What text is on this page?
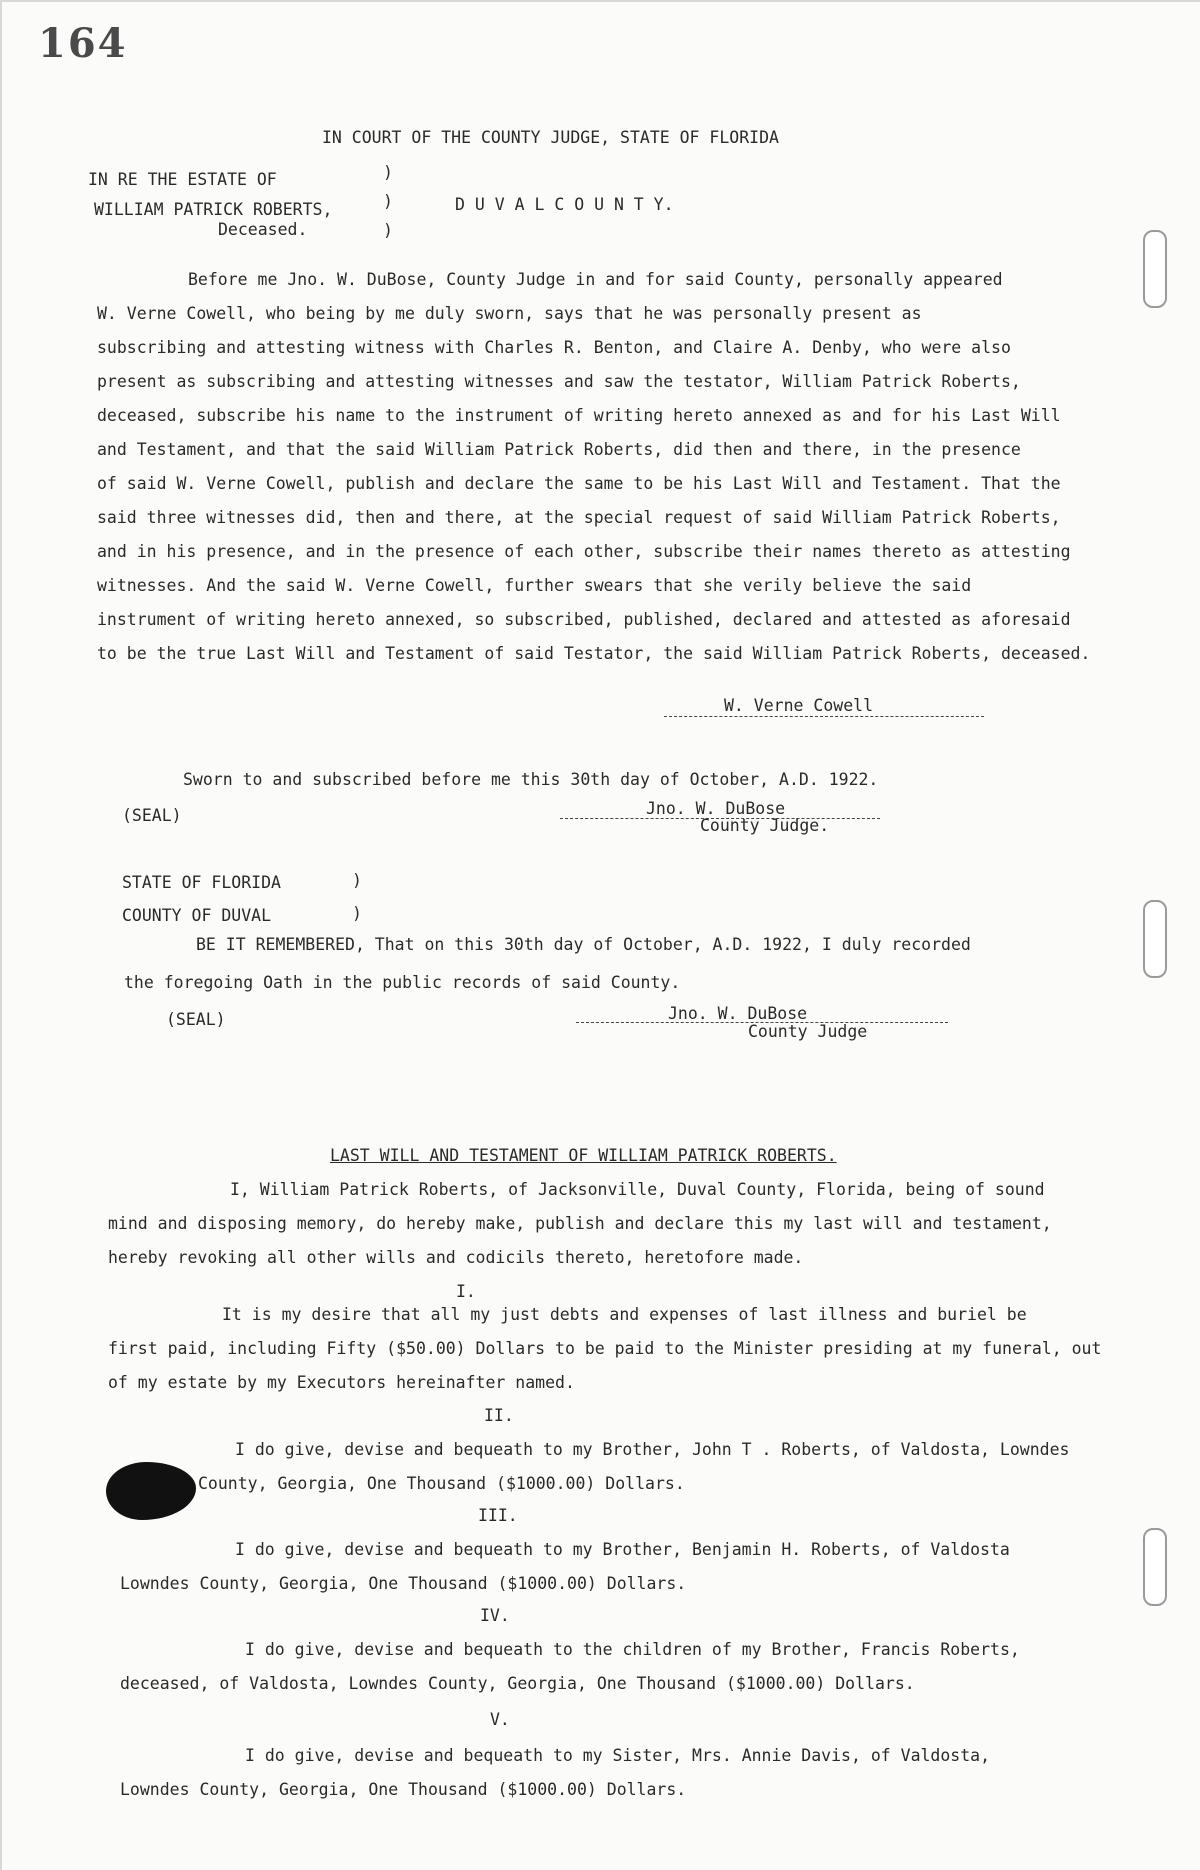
164
IN COURT OF THE COUNTY JUDGE, STATE OF FLORIDA
IN RE THE ESTATE OF
WILLIAM PATRICK ROBERTS,
Deceased.
)
)
)
D U V A L C O U N T Y.
Before me Jno. W. DuBose, County Judge in and for said County, personally appeared
W. Verne Cowell, who being by me duly sworn, says that he was personally present as
subscribing and attesting witness with Charles R. Benton, and Claire A. Denby, who were also
present as subscribing and attesting witnesses and saw the testator, William Patrick Roberts,
deceased, subscribe his name to the instrument of writing hereto annexed as and for his Last Will
and Testament, and that the said William Patrick Roberts, did then and there, in the presence
of said W. Verne Cowell, publish and declare the same to be his Last Will and Testament. That the
said three witnesses did, then and there, at the special request of said William Patrick Roberts,
and in his presence, and in the presence of each other, subscribe their names thereto as attesting
witnesses. And the said W. Verne Cowell, further swears that she verily believe the said
instrument of writing hereto annexed, so subscribed, published, declared and attested as aforesaid
to be the true Last Will and Testament of said Testator, the said William Patrick Roberts, deceased.
W. Verne Cowell
Sworn to and subscribed before me this 30th day of October, A.D. 1922.
(SEAL)	Jno. W. DuBose
County Judge.
STATE OF FLORIDA	)
COUNTY OF DUVAL	)
BE IT REMEMBERED, That on this 30th day of October, A.D. 1922, I duly recorded
the foregoing Oath in the public records of said County.
(SEAL)	Jno. W. DuBose
County Judge
LAST WILL AND TESTAMENT OF WILLIAM PATRICK ROBERTS.
I, William Patrick Roberts, of Jacksonville, Duval County, Florida, being of sound
mind and disposing memory, do hereby make, publish and declare this my last will and testament,
hereby revoking all other wills and codicils thereto, heretofore made.
I.
It is my desire that all my just debts and expenses of last illness and buriel be
first paid, including Fifty ($50.00) Dollars to be paid to the Minister presiding at my funeral, out
of my estate by my Executors hereinafter named.
II.
I do give, devise and bequeath to my Brother, John T . Roberts, of Valdosta, Lowndes
County, Georgia, One Thousand ($1000.00) Dollars.
III.
I do give, devise and bequeath to my Brother, Benjamin H. Roberts, of Valdosta
Lowndes County, Georgia, One Thousand ($1000.00) Dollars.
IV.
I do give, devise and bequeath to the children of my Brother, Francis Roberts,
deceased, of Valdosta, Lowndes County, Georgia, One Thousand ($1000.00) Dollars.
V.
I do give, devise and bequeath to my Sister, Mrs. Annie Davis, of Valdosta,
Lowndes County, Georgia, One Thousand ($1000.00) Dollars.
